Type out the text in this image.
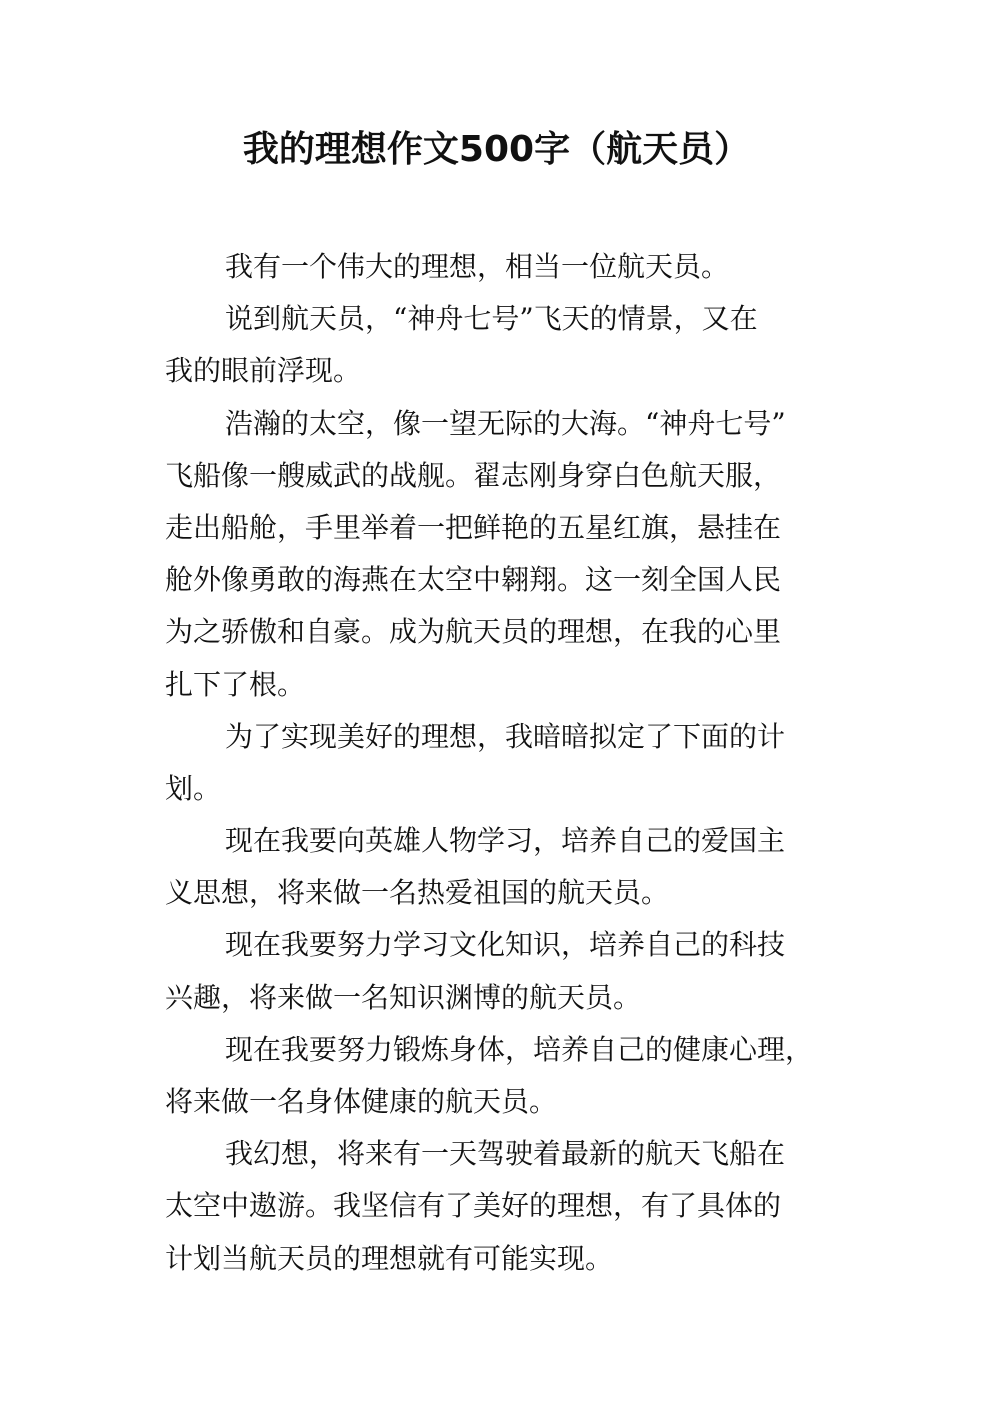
我的理想作文500字（航天员）

我有一个伟大的理想，相当一位航天员。

说到航天员，“神舟七号”飞天的情景，又在
我的眼前浮现。

浩瀚的太空，像一望无际的大海。“神舟七号”
飞船像一艘威武的战舰。翟志刚身穿白色航天服，
走出船舱，手里举着一把鲜艳的五星红旗，悬挂在
舱外像勇敢的海燕在太空中翱翔。这一刻全国人民
为之骄傲和自豪。成为航天员的理想，在我的心里
扎下了根。

为了实现美好的理想，我暗暗拟定了下面的计
划。

现在我要向英雄人物学习，培养自己的爱国主
义思想，将来做一名热爱祖国的航天员。

现在我要努力学习文化知识，培养自己的科技
兴趣，将来做一名知识渊博的航天员。

现在我要努力锻炼身体，培养自己的健康心理，
将来做一名身体健康的航天员。

我幻想，将来有一天驾驶着最新的航天飞船在
太空中遨游。我坚信有了美好的理想，有了具体的
计划当航天员的理想就有可能实现。
